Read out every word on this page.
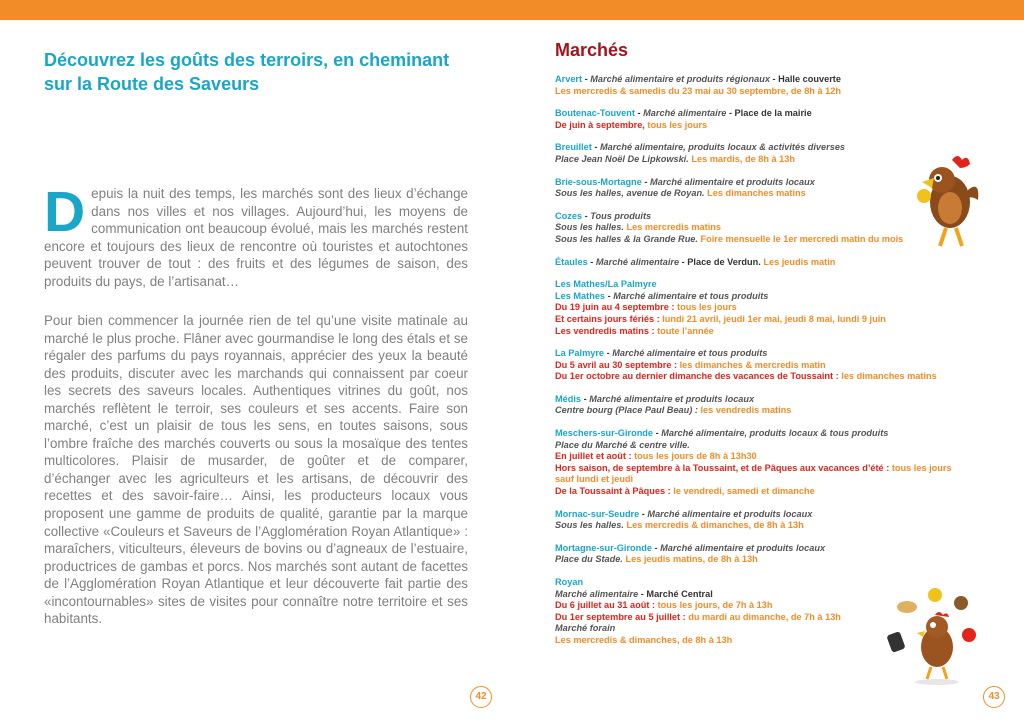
Découvrez les goûts des terroirs, en cheminant
sur la Route des Saveurs
D epuis la nuit des temps, les marchés sont des lieux d’échange dans nos villes et nos villages. Aujourd’hui, les moyens de communication ont beaucoup évolué, mais les marchés restent encore et toujours des lieux de rencontre où touristes et autochtones peuvent trouver de tout : des fruits et des légumes de saison, des produits du pays, de l’artisanat…
Pour bien commencer la journée rien de tel qu’une visite matinale au marché le plus proche. Flâner avec gourmandise le long des étals et se régaler des parfums du pays royannais, apprécier des yeux la beauté des produits, discuter avec les marchands qui connaissent par coeur les secrets des saveurs locales. Authentiques vitrines du goût, nos marchés reflètent le terroir, ses couleurs et ses accents. Faire son marché, c’est un plaisir de tous les sens, en toutes saisons, sous l’ombre fraîche des marchés couverts ou sous la mosaïque des tentes multicolores. Plaisir de musarder, de goûter et de comparer, d’échanger avec les agriculteurs et les artisans, de découvrir des recettes et des savoir-faire… Ainsi, les producteurs locaux vous proposent une gamme de produits de qualité, garantie par la marque collective «Couleurs et Saveurs de l’Agglomération Royan Atlantique» : maraîchers, viticulteurs, éleveurs de bovins ou d’agneaux de l’estuaire, productrices de gambas et porcs. Nos marchés sont autant de facettes de l’Agglomération Royan Atlantique et leur découverte fait partie des «incontournables» sites de visites pour connaître notre territoire et ses habitants.
42
Marchés
Arvert - Marché alimentaire et produits régionaux - Halle couverte
Les mercredis & samedis du 23 mai au 30 septembre, de 8h à 12h
Boutenac-Touvent - Marché alimentaire - Place de la mairie
De juin à septembre, tous les jours
Breuillet - Marché alimentaire, produits locaux & activités diverses
Place Jean Noël De Lipkowski. Les mardis, de 8h à 13h
Brie-sous-Mortagne - Marché alimentaire et produits locaux
Sous les halles, avenue de Royan. Les dimanches matins
Cozes - Tous produits
Sous les halles. Les mercredis matins
Sous les halles & la Grande Rue. Foire mensuelle le 1er mercredi matin du mois
Étaules - Marché alimentaire - Place de Verdun. Les jeudis matin
Les Mathes/La Palmyre
Les Mathes - Marché alimentaire et tous produits
Du 19 juin au 4 septembre : tous les jours
Et certains jours fériés : lundi 21 avril, jeudi 1er mai, jeudi 8 mai, lundi 9 juin
Les vendredis matins : toute l’année
La Palmyre - Marché alimentaire et tous produits
Du 5 avril au 30 septembre : les dimanches & mercredis matin
Du 1er octobre au dernier dimanche des vacances de Toussaint : les dimanches matins
Médis - Marché alimentaire et produits locaux
Centre bourg (Place Paul Beau) : les vendredis matins
Meschers-sur-Gironde - Marché alimentaire, produits locaux & tous produits
Place du Marché & centre ville.
En juillet et août : tous les jours de 8h à 13h30
Hors saison, de septembre à la Toussaint, et de Pâques aux vacances d’été : tous les jours
sauf lundi et jeudi
De la Toussaint à Pâques : le vendredi, samedi et dimanche
Mornac-sur-Seudre - Marché alimentaire et produits locaux
Sous les halles. Les mercredis & dimanches, de 8h à 13h
Mortagne-sur-Gironde - Marché alimentaire et produits locaux
Place du Stade. Les jeudis matins, de 8h à 13h
Royan
Marché alimentaire - Marché Central
Du 6 juillet au 31 août : tous les jours, de 7h à 13h
Du 1er septembre au 5 juillet : du mardi au dimanche, de 7h à 13h
Marché forain
Les mercredis & dimanches, de 8h à 13h
43
